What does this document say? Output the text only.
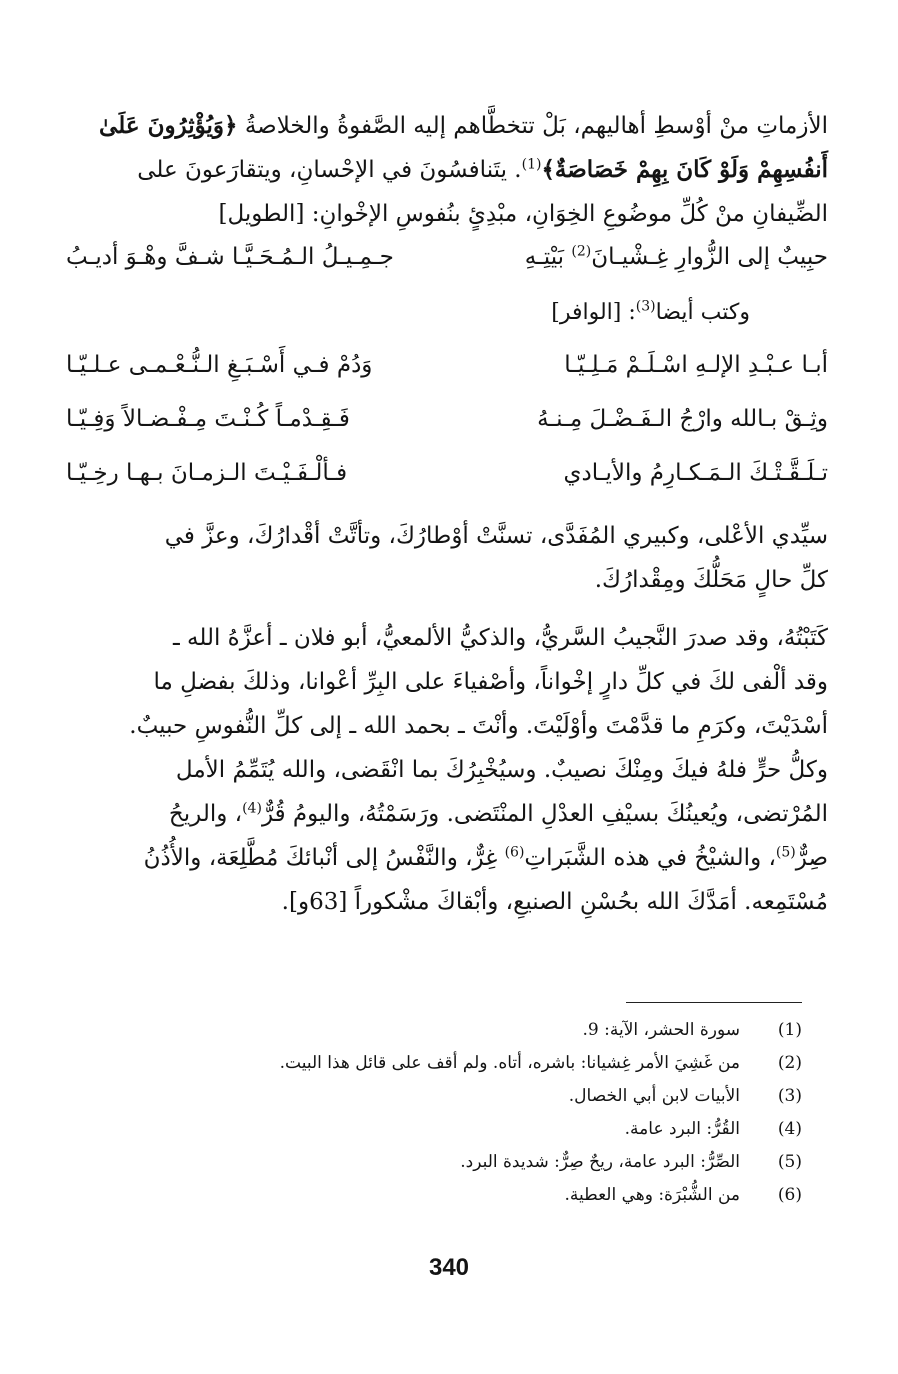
الأزماتِ منْ أوْسطِ أهاليهم، بَلْ تتخطَّاهم إليه الصَّفوةُ والخلاصةُ ﴿وَيُؤْثِرُونَ عَلَىٰ
أَنفُسِهِمْ وَلَوْ كَانَ بِهِمْ خَصَاصَةٌ﴾$^{(1)}$. يتَنافسُونَ في الإحْسانِ، ويتقارَعونَ على
الضِّيفانِ منْ كُلِّ موضُوعِ الخِوَانِ، مبْدِئٍ بنُفوسِ الإخْوانِ: [الطويل]
حبِيبٌ إلى الزُّوارِ غِـشْيـانَ$^{(2)}$ بَيْتِـهِ
جـمِـيـلُ الـمُـحَـيَّـا شـفَّ وهْـوَ أديـبُ
وكتب أيضا$^{(3)}$: [الوافر]
أبـا عـبْـدِ الإلـهِ اسْـلَـمْ مَـلِـيّـا
وَدُمْ فـي أَسْـبَـغِ الـنُّـعْـمـى عـلـيّـا
وثِـقْ بـالله وارْجُ الـفَـضْـلَ مِـنـهُ
فَـقِـدْمـاً كُـنْـتَ مِـفْـضـالاً وَفِـيّـا
تـلَـقَّـتْـكَ الـمَـكـارِمُ والأيـادي
فـألْـفَـيْـتَ الـزمـانَ بـهـا رخِـيّـا
سيِّدي الأعْلى، وكبيري المُفَدَّى، تسنَّتْ أوْطارُكَ، وتأتَّتْ أقْدارُكَ، وعزَّ في
كلِّ حالٍ مَحَلُّكَ ومِقْدارُكَ.
كَتَبْتُهُ، وقد صدرَ النَّجيبُ السَّريُّ، والذكيُّ الألمعيُّ، أبو فلان ـ أعزَّهُ الله ـ
وقد ألْفى لكَ في كلِّ دارٍ إخْواناً، وأصْفياءَ على البِرِّ أعْوانا، وذلكَ بفضلِ ما
أسْدَيْتَ، وكرَمِ ما قدَّمْتَ وأوْلَيْتَ. وأنْتَ ـ بحمد الله ـ إلى كلِّ النُّفوسِ حبيبٌ.
وكلُّ حرٍّ فلهُ فيكَ ومِنْكَ نصيبٌ. وسيُخْبِرُكَ بما انْقَضى، والله يُتَمِّمُ الأمل
المُرْتضى، ويُعينُكَ بسيْفِ العدْلِ المنْتَضى. ورَسَمْتُهُ، واليومُ قُرٌّ$^{(4)}$، والريحُ
صِرٌّ$^{(5)}$، والشيْخُ في هذه الشَّبَراتِ$^{(6)}$ غِرٌّ، والنَّفْسُ إلى أنْبائكَ مُطَّلِعَة، والأُذُنُ
مُسْتَمِعه. أمَدَّكَ الله بحُسْنِ الصنيعِ، وأبْقاكَ مشْكوراً [63و].
(1)
سورة الحشر، الآية: 9.
(2)
من غَشِيَ الأمر غِشيانا: باشره، أتاه. ولم أقف على قائل هذا البيت.
(3)
الأبيات لابن أبي الخصال.
(4)
القُرُّ: البرد عامة.
(5)
الصِّرُّ: البرد عامة، ريحٌ صِرٌّ: شديدة البرد.
(6)
من الشُّبْرَة: وهي العطية.
340
